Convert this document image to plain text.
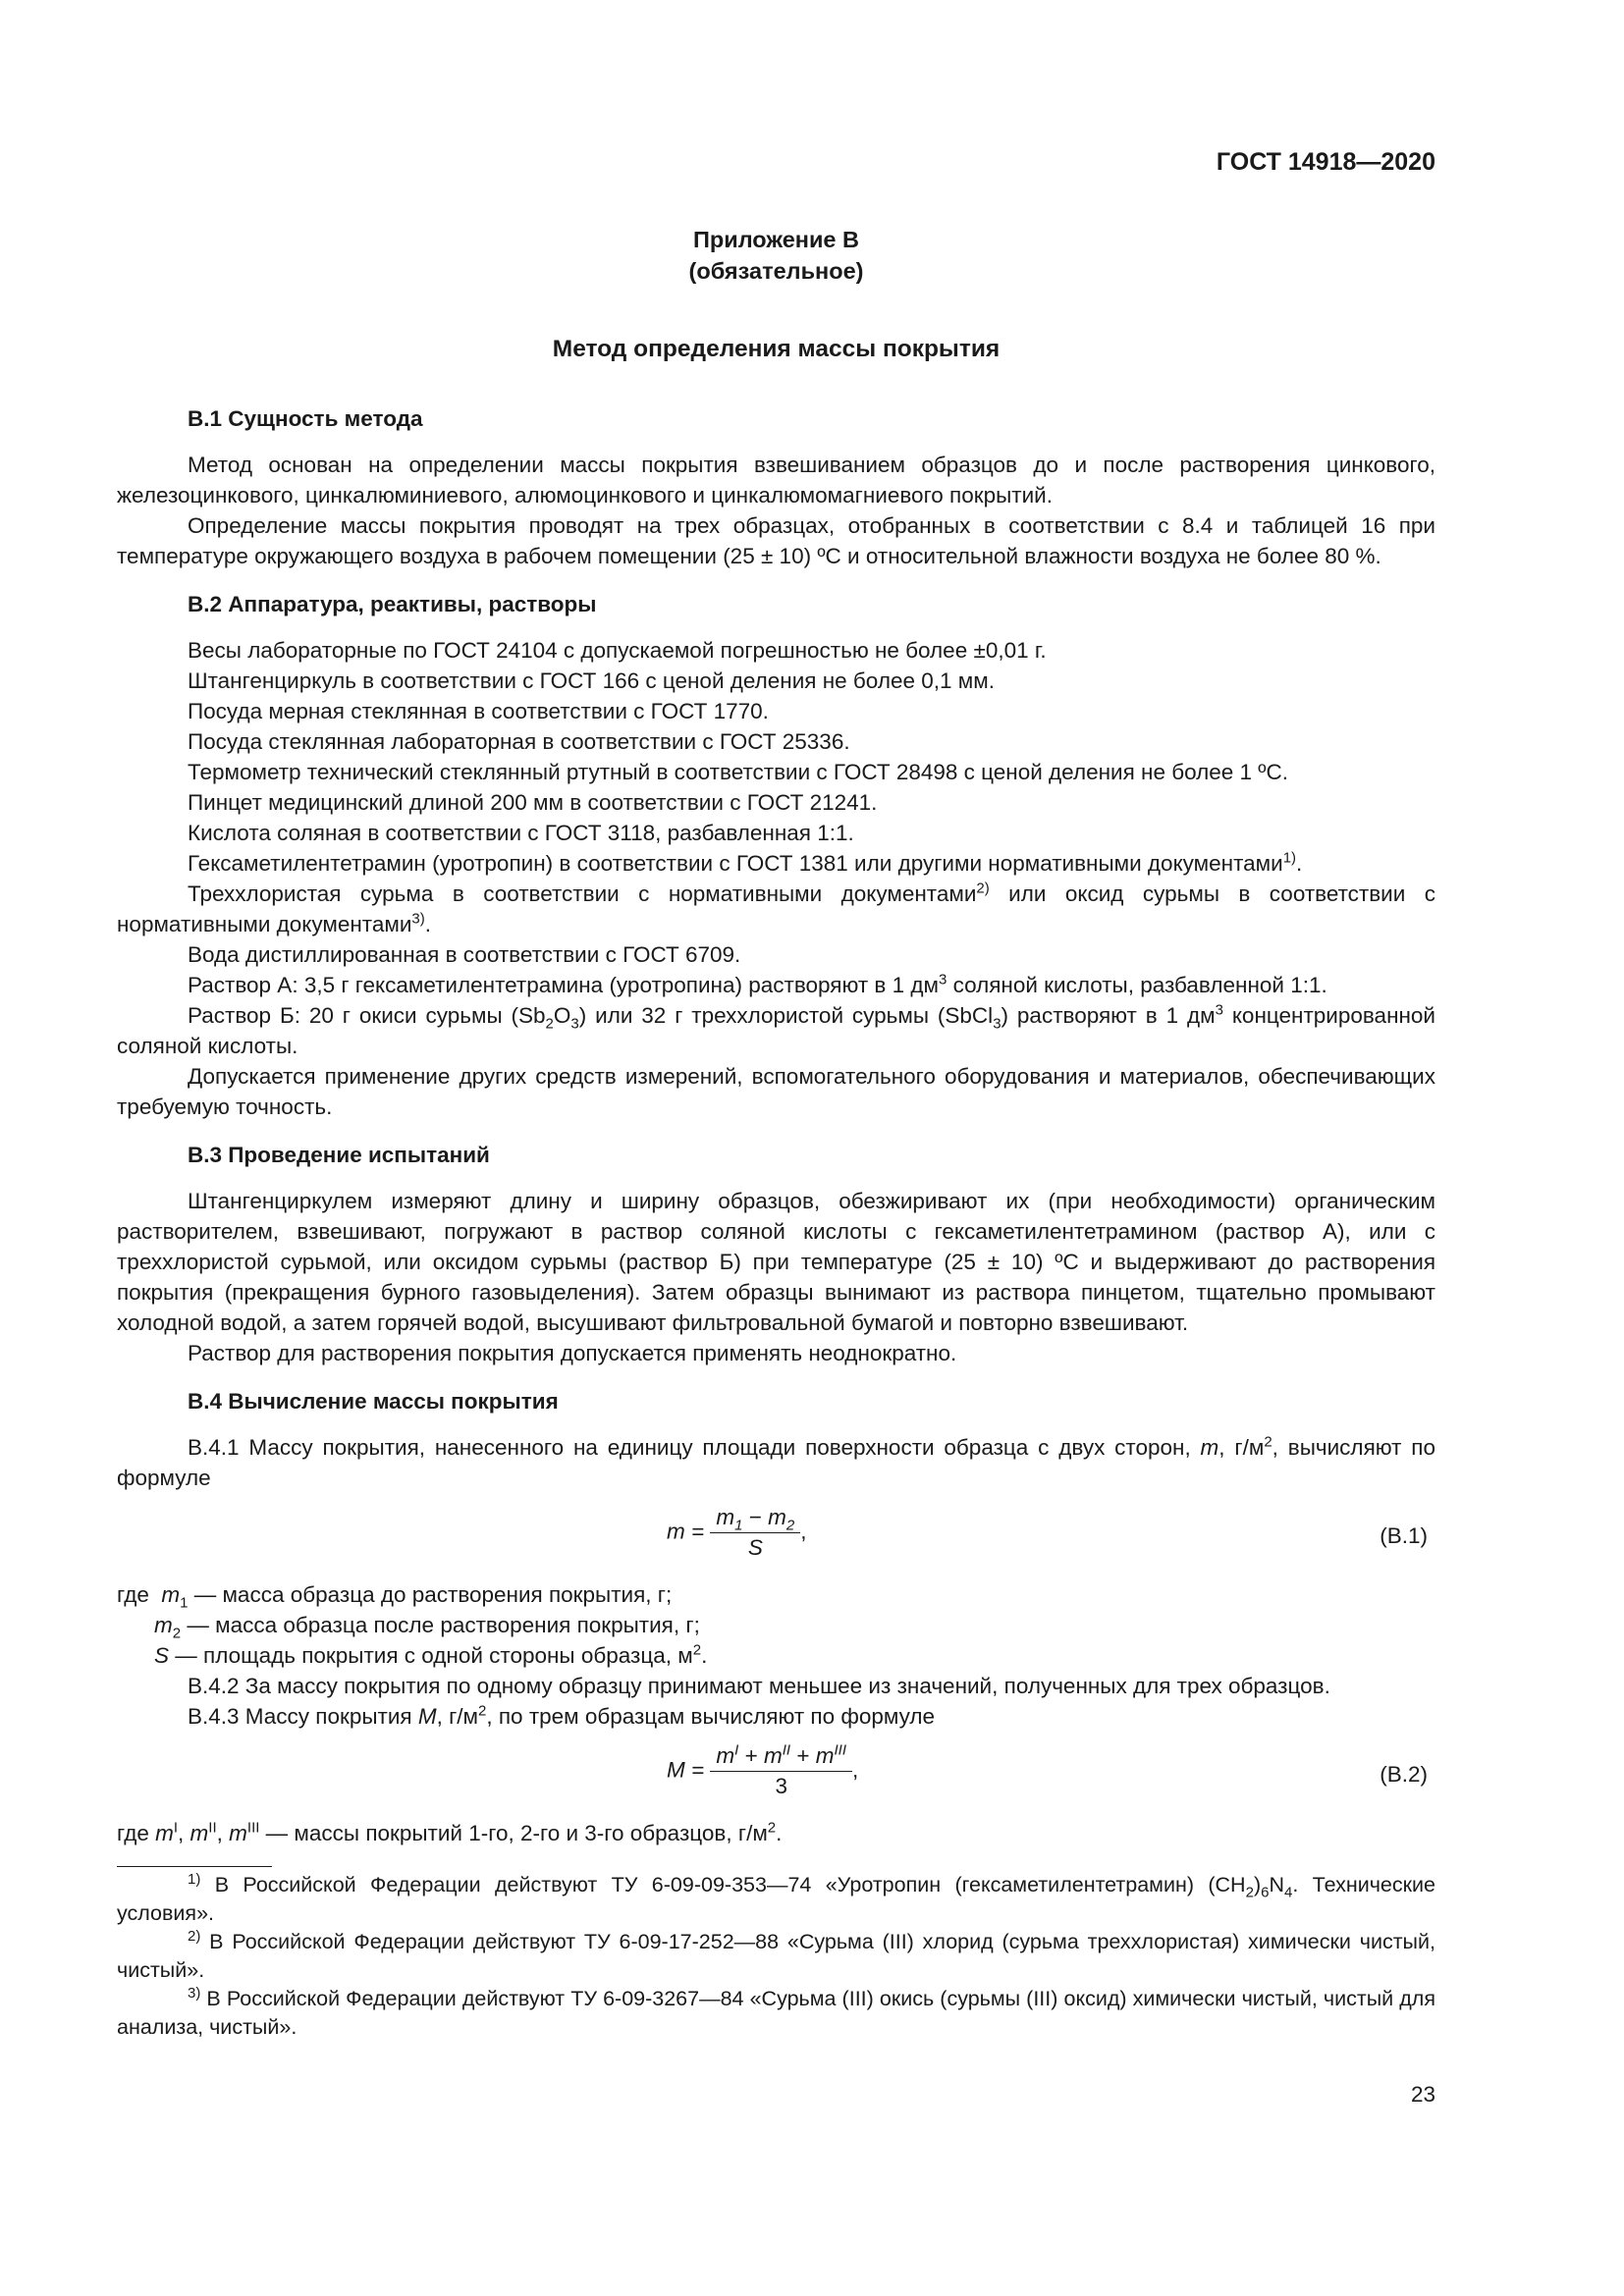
ГОСТ 14918—2020
Приложение В
(обязательное)
Метод определения массы покрытия
В.1 Сущность метода

Метод основан на определении массы покрытия взвешиванием образцов до и после растворения цинкового, железоцинкового, цинкалюминиевого, алюмоцинкового и цинкалюмомагниевого покрытий.

Определение массы покрытия проводят на трех образцах, отобранных в соответствии с 8.4 и таблицей 16 при температуре окружающего воздуха в рабочем помещении (25 ± 10) ºС и относительной влажности воздуха не более 80 %.

В.2 Аппаратура, реактивы, растворы

Весы лабораторные по ГОСТ 24104 с допускаемой погрешностью не более ±0,01 г.

Штангенциркуль в соответствии с ГОСТ 166 с ценой деления не более 0,1 мм.

Посуда мерная стеклянная в соответствии с ГОСТ 1770.

Посуда стеклянная лабораторная в соответствии с ГОСТ 25336.

Термометр технический стеклянный ртутный в соответствии с ГОСТ 28498 с ценой деления не более 1 ºС.

Пинцет медицинский длиной 200 мм в соответствии с ГОСТ 21241.

Кислота соляная в соответствии с ГОСТ 3118, разбавленная 1:1.

Гексаметилентетрамин (уротропин) в соответствии с ГОСТ 1381 или другими нормативными документами$^{1)}$.

Треххлористая сурьма в соответствии с нормативными документами$^{2)}$ или оксид сурьмы в соответствии с нормативными документами$^{3)}$.

Вода дистиллированная в соответствии с ГОСТ 6709.

Раствор А: 3,5 г гексаметилентетрамина (уротропина) растворяют в 1 $дм^3$ соляной кислоты, разбавленной 1:1.

Раствор Б: 20 г окиси сурьмы $(Sb_2O_3)$ или 32 г треххлористой сурьмы (SbCl$_3$) растворяют в 1 $дм^3$ концентрированной соляной кислоты.

Допускается применение других средств измерений, вспомогательного оборудования и материалов, обеспечивающих требуемую точность.

В.3 Проведение испытаний

Штангенциркулем измеряют длину и ширину образцов, обезжиривают их (при необходимости) органическим растворителем, взвешивают, погружают в раствор соляной кислоты с гексаметилентетрамином (раствор А), или с треххлористой сурьмой, или оксидом сурьмы (раствор Б) при температуре (25 ± 10) ºС и выдерживают до растворения покрытия (прекращения бурного газовыделения). Затем образцы вынимают из раствора пинцетом, тщательно промывают холодной водой, а затем горячей водой, высушивают фильтровальной бумагой и повторно взвешивают.

Раствор для растворения покрытия допускается применять неоднократно.

В.4 Вычисление массы покрытия

В.4.1 Массу покрытия, нанесенного на единицу площади поверхности образца с двух сторон, m, $г/м^2$, вычисляют по формуле

$m = \frac{m_1 - m_2}{S}$ ,	(В.1)

где $m_1$ — масса образца до растворения покрытия, г;

$m_2$ — масса образца после растворения покрытия, г;

S — площадь покрытия с одной стороны образца, $м^2$.

В.4.2 За массу покрытия по одному образцу принимают меньшее из значений, полученных для трех образцов.

В.4.3 Массу покрытия M, $г/м^2$, по трем образцам вычисляют по формуле

$M = \frac{m^I + m^{II} + m^{III}}{3}$ ,	(В.2)

где $m^I$, $m^{II}$, $m^{III}$ — массы покрытий 1-го, 2-го и 3-го образцов, $г/м^2$.

$^{1)}$ В Российской Федерации действуют ТУ 6-09-09-353—74 «Уротропин (гексаметилентетрамин) $(CH_2)_6N_4$. Технические условия».

$^{2)}$ В Российской Федерации действуют ТУ 6-09-17-252—88 «Сурьма (III) хлорид (сурьма треххлористая) химически чистый, чистый».

$^{3)}$ В Российской Федерации действуют ТУ 6-09-3267—84 «Сурьма (III) окись (сурьмы (III) оксид) химически чистый, чистый для анализа, чистый».

23
